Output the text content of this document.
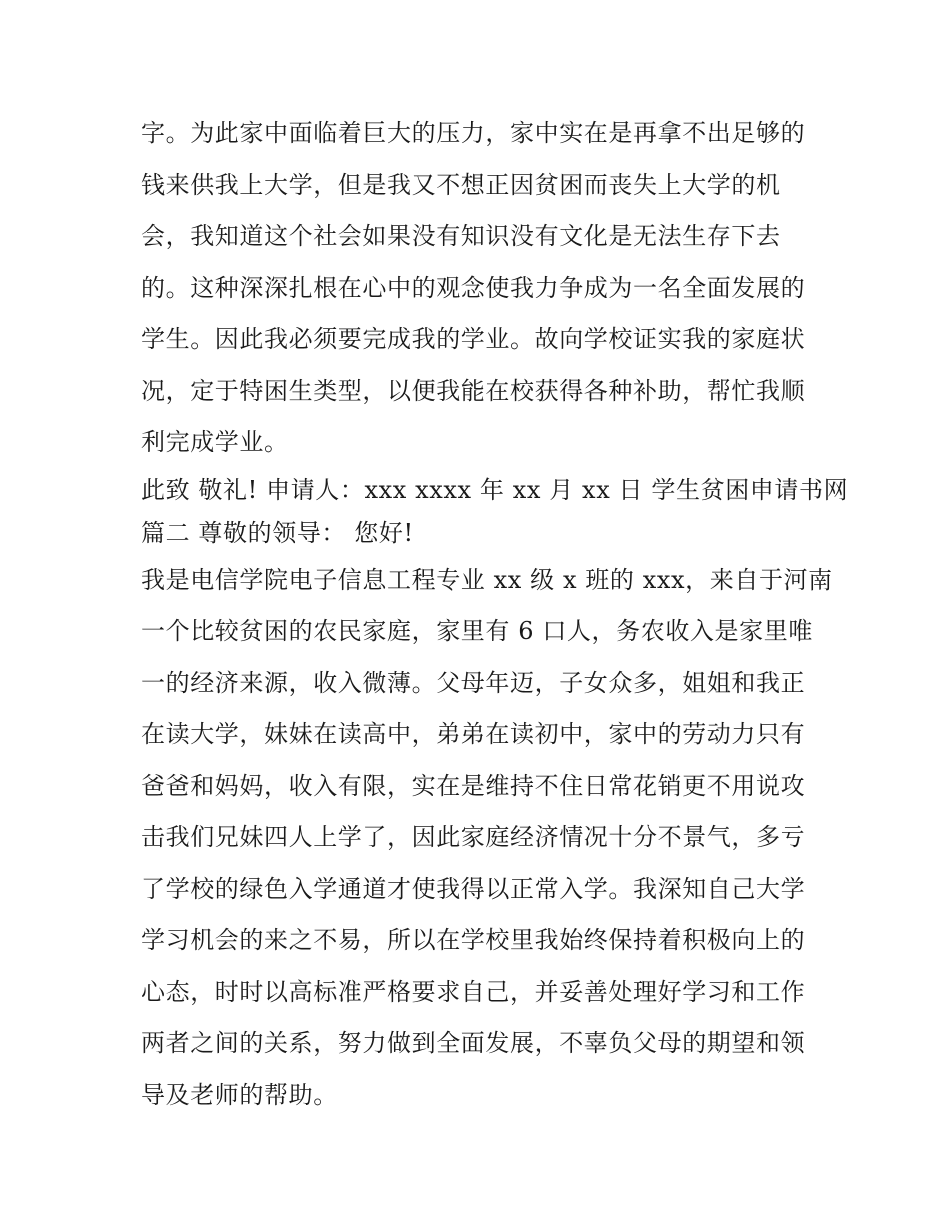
字。为此家中面临着巨大的压力，家中实在是再拿不出足够的
钱来供我上大学，但是我又不想正因贫困而丧失上大学的机
会，我知道这个社会如果没有知识没有文化是无法生存下去
的。这种深深扎根在心中的观念使我力争成为一名全面发展的
学生。因此我必须要完成我的学业。故向学校证实我的家庭状
况，定于特困生类型，以便我能在校获得各种补助，帮忙我顺
利完成学业。
此致 敬礼! 申请人：xxx xxxx 年 xx 月 xx 日 学生贫困申请书网
篇二 尊敬的领导： 您好!
我是电信学院电子信息工程专业 xx 级 x 班的 xxx，来自于河南
一个比较贫困的农民家庭，家里有 6 口人，务农收入是家里唯
一的经济来源，收入微薄。父母年迈，子女众多，姐姐和我正
在读大学，妹妹在读高中，弟弟在读初中，家中的劳动力只有
爸爸和妈妈，收入有限，实在是维持不住日常花销更不用说攻
击我们兄妹四人上学了，因此家庭经济情况十分不景气，多亏
了学校的绿色入学通道才使我得以正常入学。我深知自己大学
学习机会的来之不易，所以在学校里我始终保持着积极向上的
心态，时时以高标准严格要求自己，并妥善处理好学习和工作
两者之间的关系，努力做到全面发展，不辜负父母的期望和领
导及老师的帮助。
